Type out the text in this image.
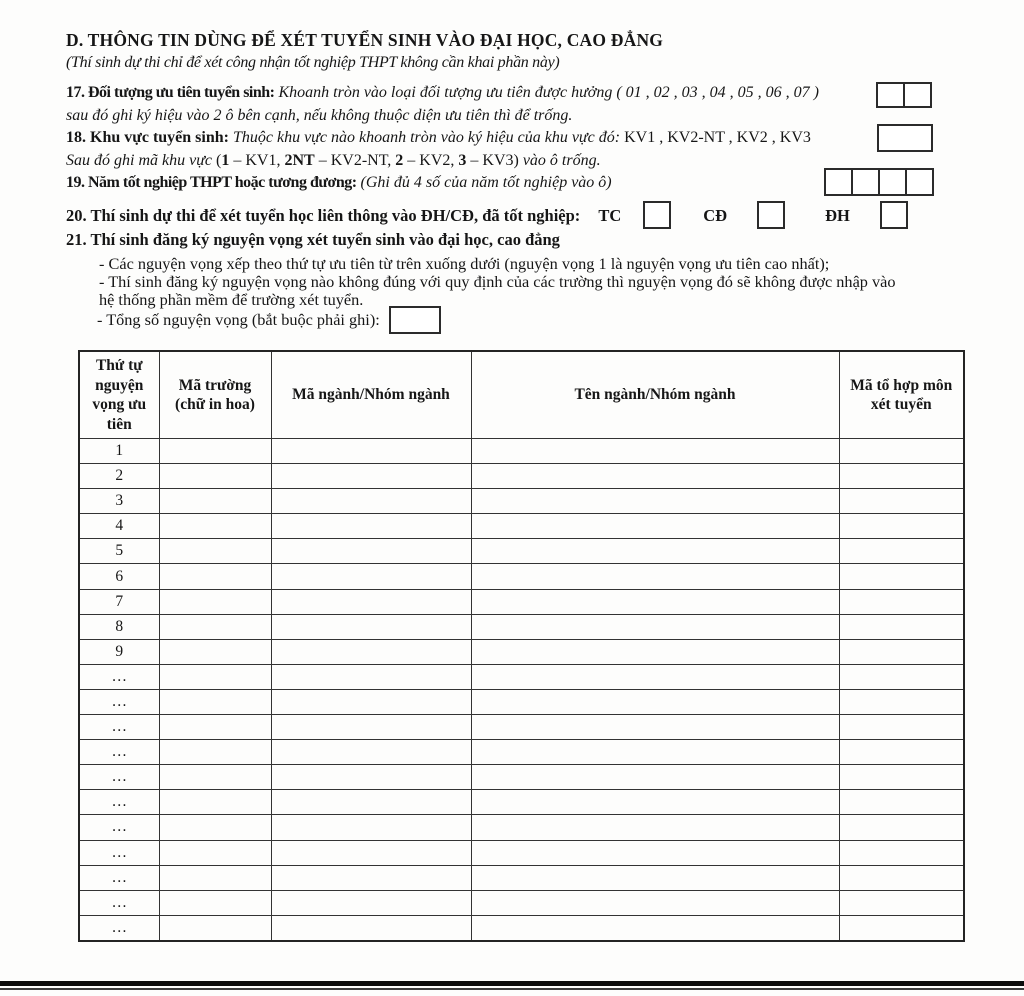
D. THÔNG TIN DÙNG ĐỂ XÉT TUYỂN SINH VÀO ĐẠI HỌC, CAO ĐẲNG
(Thí sinh dự thi chỉ để xét công nhận tốt nghiệp THPT không cần khai phần này)
17. Đối tượng ưu tiên tuyển sinh: Khoanh tròn vào loại đối tượng ưu tiên được hưởng ( 01 , 02 , 03 , 04 , 05 , 06 , 07 )
sau đó ghi ký hiệu vào 2 ô bên cạnh, nếu không thuộc diện ưu tiên thì để trống.
18. Khu vực tuyển sinh: Thuộc khu vực nào khoanh tròn vào ký hiệu của khu vực đó: KV1 , KV2-NT , KV2 , KV3
Sau đó ghi mã khu vực (1 – KV1, 2NT – KV2-NT, 2 – KV2, 3 – KV3) vào ô trống.
19. Năm tốt nghiệp THPT hoặc tương đương: (Ghi đủ 4 số của năm tốt nghiệp vào ô)
20. Thí sinh dự thi để xét tuyển học liên thông vào ĐH/CĐ, đã tốt nghiệp: TC	CĐ	ĐH
21. Thí sinh đăng ký nguyện vọng xét tuyển sinh vào đại học, cao đẳng
- Các nguyện vọng xếp theo thứ tự ưu tiên từ trên xuống dưới (nguyện vọng 1 là nguyện vọng ưu tiên cao nhất);
- Thí sinh đăng ký nguyện vọng nào không đúng với quy định của các trường thì nguyện vọng đó sẽ không được nhập vào
hệ thống phần mềm để trường xét tuyển.
- Tổng số nguyện vọng (bắt buộc phải ghi):
Thứ tự nguyện vọng ưu tiên	Mã trường (chữ in hoa)	Mã ngành/Nhóm ngành	Tên ngành/Nhóm ngành	Mã tổ hợp môn xét tuyển
1				
2				
3				
4				
5				
6				
7				
8				
9				
…				
…				
…				
…				
…				
…				
…				
…				
…				
…				
…				
